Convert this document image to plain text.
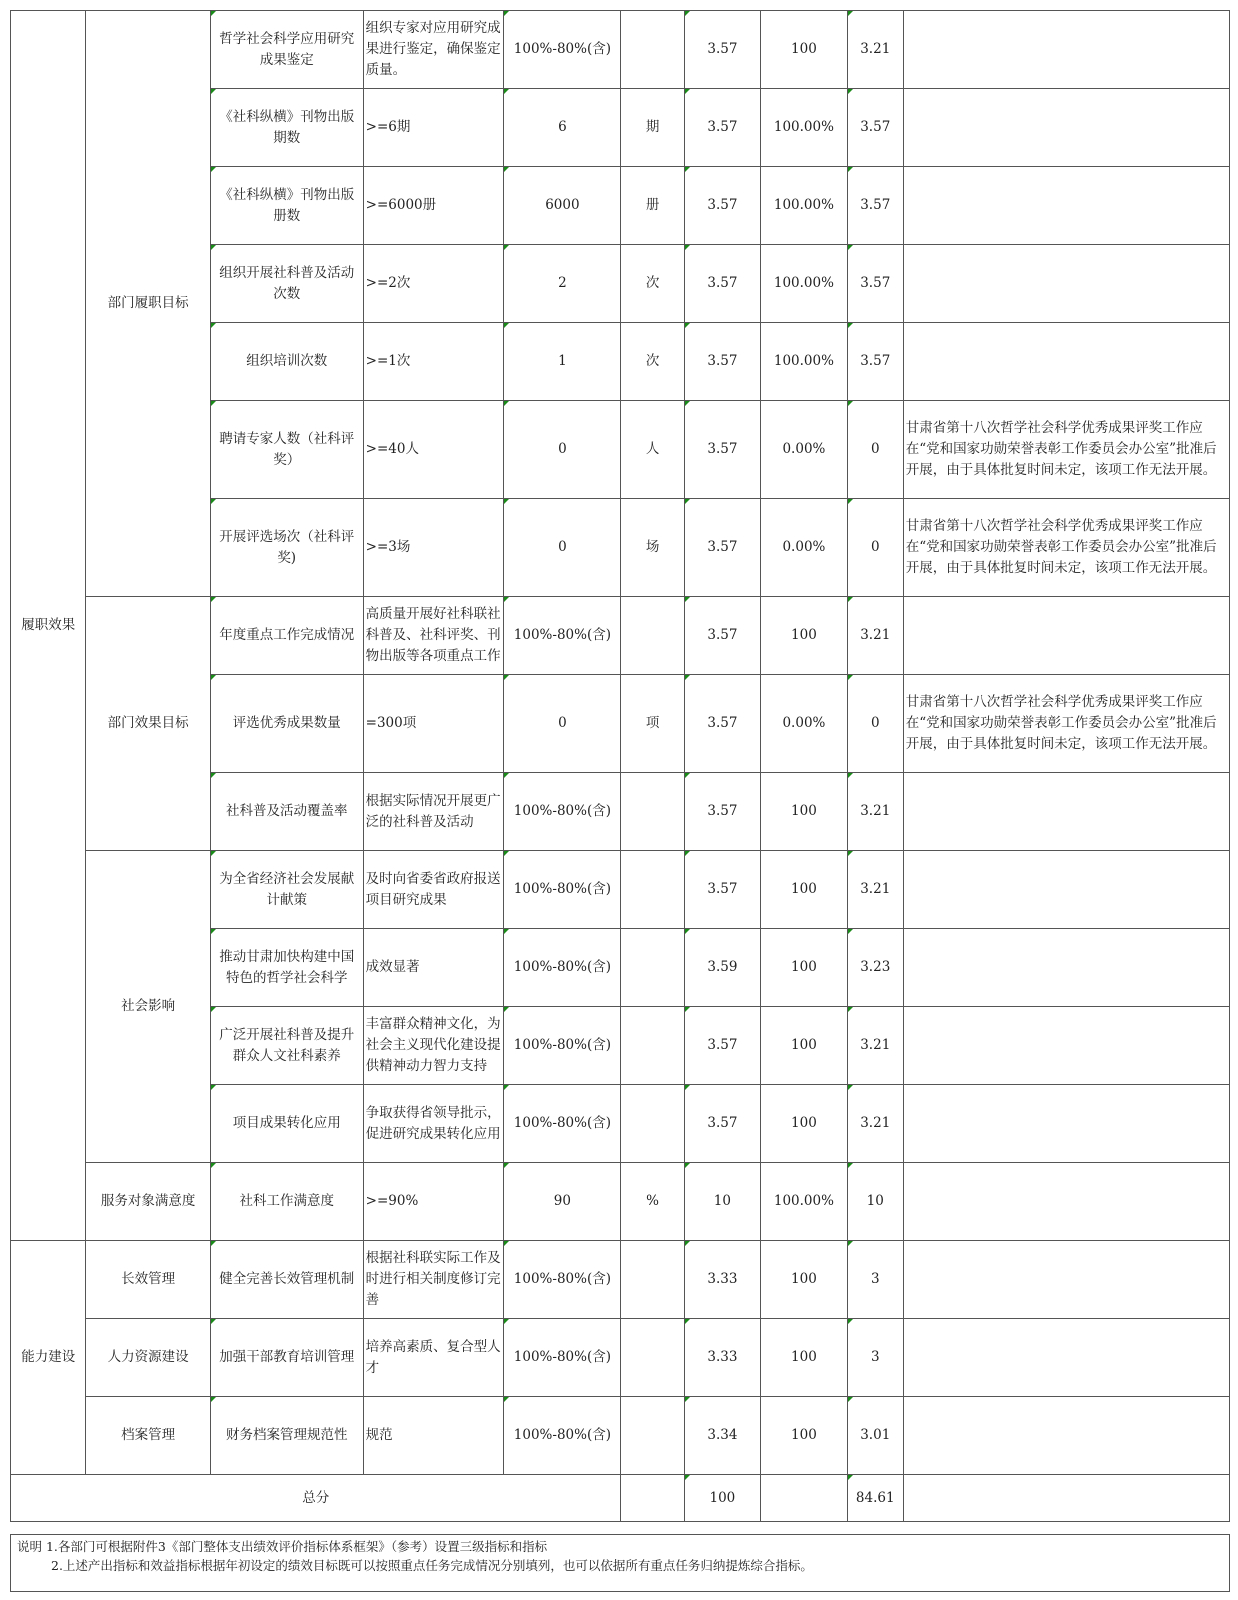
履职效果	部门履职目标	哲学社会科学应用研究成果鉴定	组织专家对应用研究成果进行鉴定，确保鉴定质量。	100%-80%(含)		3.57	100	3.21	
		《社科纵横》刊物出版期数	>=6期	6	期	3.57	100.00%	3.57	
		《社科纵横》刊物出版册数	>=6000册	6000	册	3.57	100.00%	3.57	
		组织开展社科普及活动次数	>=2次	2	次	3.57	100.00%	3.57	
		组织培训次数	>=1次	1	次	3.57	100.00%	3.57	
		聘请专家人数（社科评奖）	>=40人	0	人	3.57	0.00%	0	甘肃省第十八次哲学社会科学优秀成果评奖工作应在“党和国家功勋荣誉表彰工作委员会办公室”批准后开展，由于具体批复时间未定，该项工作无法开展。
		开展评选场次（社科评奖)	>=3场	0	场	3.57	0.00%	0	甘肃省第十八次哲学社会科学优秀成果评奖工作应在“党和国家功勋荣誉表彰工作委员会办公室”批准后开展，由于具体批复时间未定，该项工作无法开展。
	部门效果目标	年度重点工作完成情况	高质量开展好社科联社科普及、社科评奖、刊物出版等各项重点工作	100%-80%(含)		3.57	100	3.21	
		评选优秀成果数量	=300项	0	项	3.57	0.00%	0	甘肃省第十八次哲学社会科学优秀成果评奖工作应在“党和国家功勋荣誉表彰工作委员会办公室”批准后开展，由于具体批复时间未定，该项工作无法开展。
		社科普及活动覆盖率	根据实际情况开展更广泛的社科普及活动	100%-80%(含)		3.57	100	3.21	
	社会影响	为全省经济社会发展献计献策	及时向省委省政府报送项目研究成果	100%-80%(含)		3.57	100	3.21	
		推动甘肃加快构建中国特色的哲学社会科学	成效显著	100%-80%(含)		3.59	100	3.23	
		广泛开展社科普及提升群众人文社科素养	丰富群众精神文化，为社会主义现代化建设提供精神动力智力支持	100%-80%(含)		3.57	100	3.21	
		项目成果转化应用	争取获得省领导批示，促进研究成果转化应用	100%-80%(含)		3.57	100	3.21	
	服务对象满意度	社科工作满意度	>=90%	90	%	10	100.00%	10	
能力建设	长效管理	健全完善长效管理机制	根据社科联实际工作及时进行相关制度修订完善	100%-80%(含)		3.33	100	3	
	人力资源建设	加强干部教育培训管理	培养高素质、复合型人才	100%-80%(含)		3.33	100	3	
	档案管理	财务档案管理规范性	规范	100%-80%(含)		3.34	100	3.01	
总分						100		84.61	
说明 1.各部门可根据附件3《部门整体支出绩效评价指标体系框架》（参考）设置三级指标和指标
2.上述产出指标和效益指标根据年初设定的绩效目标既可以按照重点任务完成情况分别填列，也可以依据所有重点任务归纳提炼综合指标。
